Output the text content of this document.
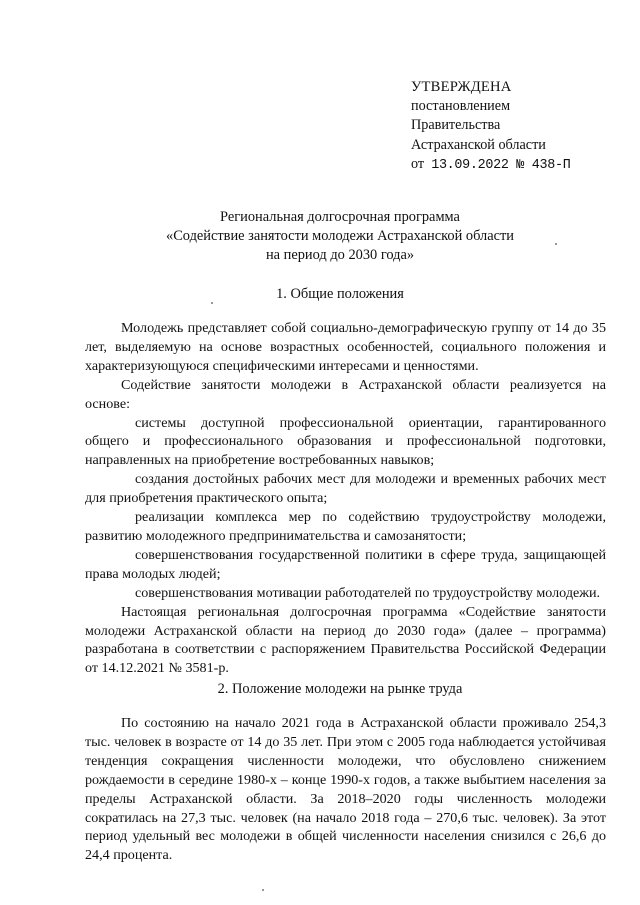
УТВЕРЖДЕНА
постановлением
Правительства
Астраханской области
от 13.09.2022 № 438-П
Региональная долгосрочная программа
«Содействие занятости молодежи Астраханской области
на период до 2030 года»
1. Общие положения

Молодежь представляет собой социально-демографическую группу от 14 до 35 лет, выделяемую на основе возрастных особенностей, социального положения и характеризующуюся специфическими интересами и ценностями.

Содействие занятости молодежи в Астраханской области реализуется на основе:

системы доступной профессиональной ориентации, гарантированного общего и профессионального образования и профессиональной подготовки, направленных на приобретение востребованных навыков;

создания достойных рабочих мест для молодежи и временных рабочих мест для приобретения практического опыта;

реализации комплекса мер по содействию трудоустройству молодежи, развитию молодежного предпринимательства и самозанятости;

совершенствования государственной политики в сфере труда, защищающей права молодых людей;

совершенствования мотивации работодателей по трудоустройству молодежи.

Настоящая региональная долгосрочная программа «Содействие занятости молодежи Астраханской области на период до 2030 года» (далее – программа) разработана в соответствии с распоряжением Правительства Российской Федерации от 14.12.2021 № 3581-р.

2. Положение молодежи на рынке труда

По состоянию на начало 2021 года в Астраханской области проживало 254,3 тыс. человек в возрасте от 14 до 35 лет. При этом с 2005 года наблюдается устойчивая тенденция сокращения численности молодежи, что обусловлено снижением рождаемости в середине 1980-х – конце 1990-х годов, а также выбытием населения за пределы Астраханской области. За 2018–2020 годы численность молодежи сократилась на 27,3 тыс. человек (на начало 2018 года – 270,6 тыс. человек). За этот период удельный вес молодежи в общей численности населения снизился с 26,6 до 24,4 процента.
